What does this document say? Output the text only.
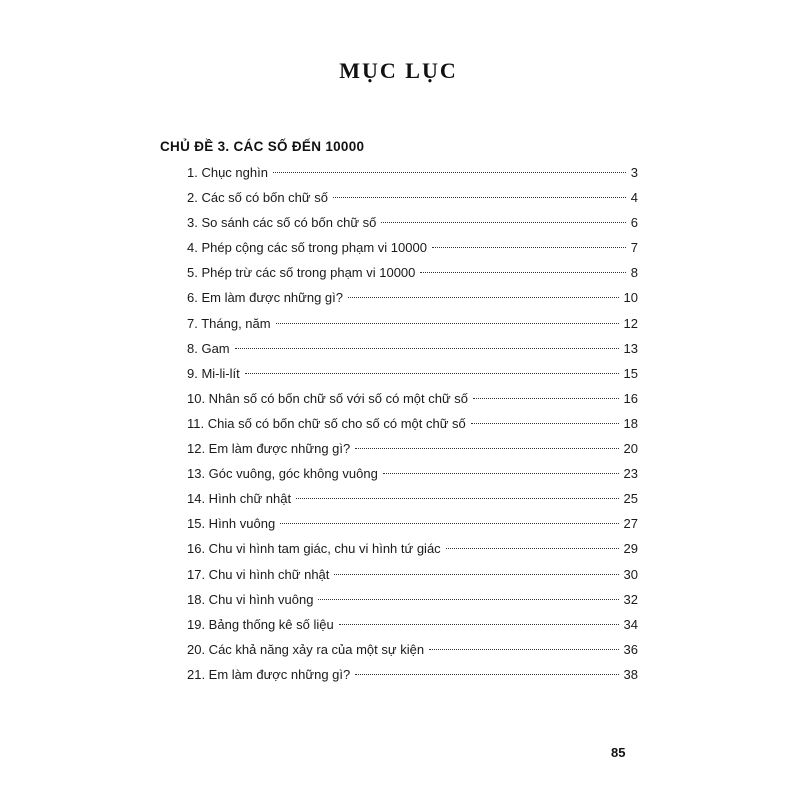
MỤC LỤC
CHỦ ĐỀ 3. CÁC SỐ ĐẾN 10000
1. Chục nghìn	3
2. Các số có bốn chữ số	4
3. So sánh các số có bốn chữ số	6
4. Phép cộng các số trong phạm vi 10000	7
5. Phép trừ các số trong phạm vi 10000	8
6. Em làm được những gì?	10
7. Tháng, năm	12
8. Gam	13
9. Mi-li-lít	15
10. Nhân số có bốn chữ số với số có một chữ số	16
11. Chia số có bốn chữ số cho số có một chữ số	18
12. Em làm được những gì?	20
13. Góc vuông, góc không vuông	23
14. Hình chữ nhật	25
15. Hình vuông	27
16. Chu vi hình tam giác, chu vi hình tứ giác	29
17. Chu vi hình chữ nhật	30
18. Chu vi hình vuông	32
19. Bảng thống kê số liệu	34
20. Các khả năng xảy ra của một sự kiện	36
21. Em làm được những gì?	38
85
